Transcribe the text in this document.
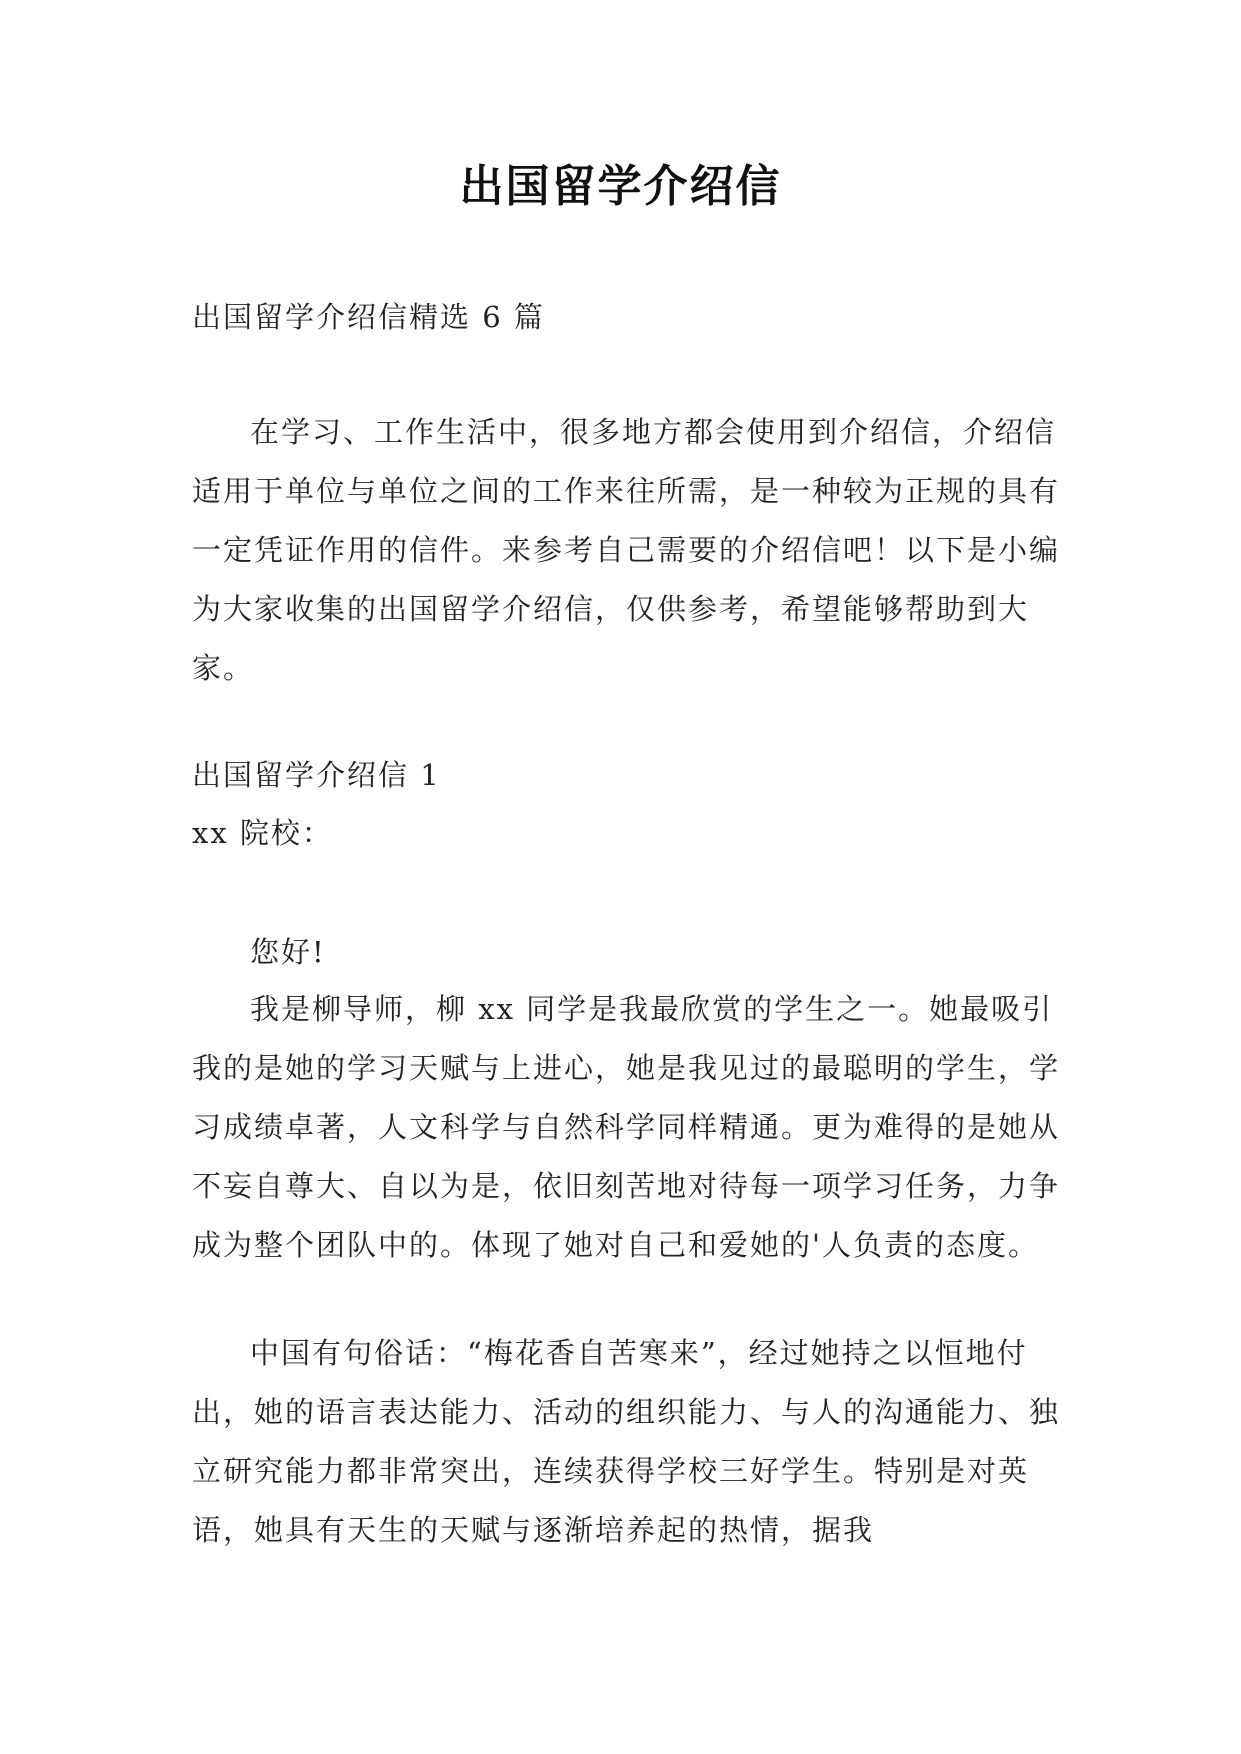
出国留学介绍信

出国留学介绍信精选 6 篇

在学习、工作生活中，很多地方都会使用到介绍信，介绍信适用于单位与单位之间的工作来往所需，是一种较为正规的具有一定凭证作用的信件。来参考自己需要的介绍信吧！以下是小编为大家收集的出国留学介绍信，仅供参考，希望能够帮助到大家。

出国留学介绍信 1

xx 院校：

您好!

我是柳导师，柳 xx 同学是我最欣赏的学生之一。她最吸引我的是她的学习天赋与上进心，她是我见过的最聪明的学生，学习成绩卓著，人文科学与自然科学同样精通。更为难得的是她从不妄自尊大、自以为是，依旧刻苦地对待每一项学习任务，力争成为整个团队中的。体现了她对自己和爱她的'人负责的态度。

中国有句俗话：“梅花香自苦寒来”，经过她持之以恒地付出，她的语言表达能力、活动的组织能力、与人的沟通能力、独立研究能力都非常突出，连续获得学校三好学生。特别是对英语，她具有天生的天赋与逐渐培养起的热情，据我
